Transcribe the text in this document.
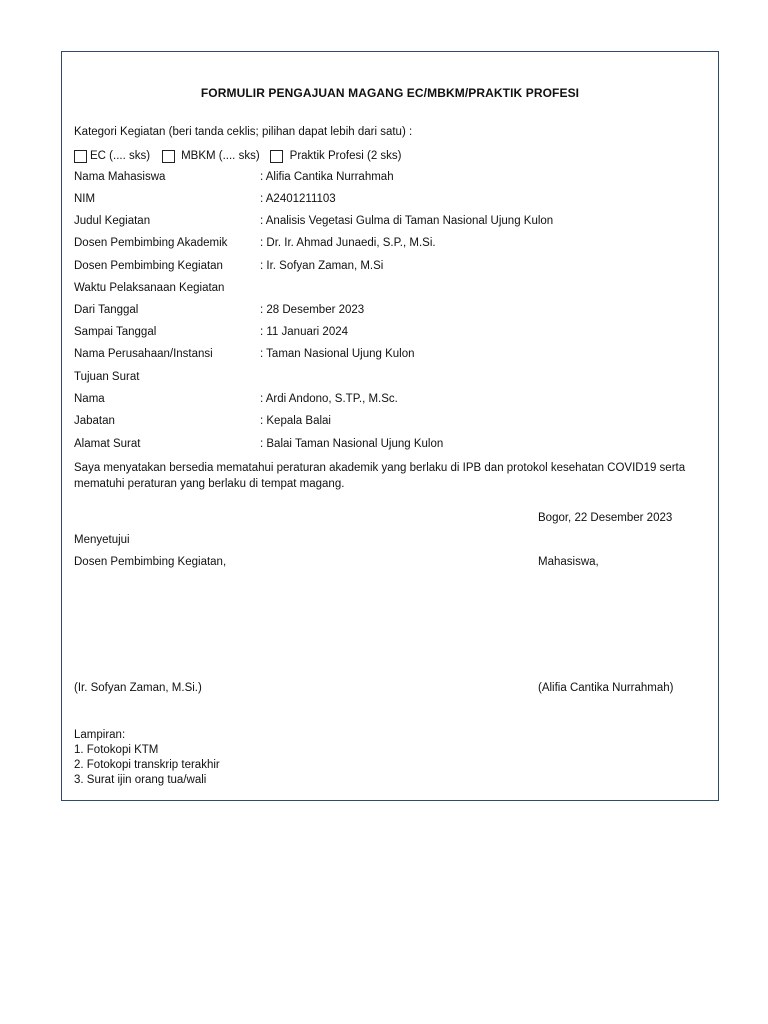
FORMULIR PENGAJUAN MAGANG EC/MBKM/PRAKTIK PROFESI
Kategori Kegiatan (beri tanda ceklis; pilihan dapat lebih dari satu) :
EC (.... sks)	MBKM (.... sks)	Praktik Profesi (2 sks)
Nama Mahasiswa	: Alifia Cantika Nurrahmah
NIM	: A2401211103
Judul Kegiatan	: Analisis Vegetasi Gulma di Taman Nasional Ujung Kulon
Dosen Pembimbing Akademik	: Dr. Ir. Ahmad Junaedi, S.P., M.Si.
Dosen Pembimbing Kegiatan	: Ir. Sofyan Zaman, M.Si
Waktu Pelaksanaan Kegiatan
Dari Tanggal	: 28 Desember 2023
Sampai Tanggal	: 11 Januari 2024
Nama Perusahaan/Instansi	: Taman Nasional Ujung Kulon
Tujuan Surat
Nama	: Ardi Andono, S.TP., M.Sc.
Jabatan	: Kepala Balai
Alamat Surat	: Balai Taman Nasional Ujung Kulon
Saya menyatakan bersedia mematahui peraturan akademik yang berlaku di IPB dan protokol kesehatan COVID19 serta mematuhi peraturan yang berlaku di tempat magang.
Bogor, 22 Desember 2023
Menyetujui
Dosen Pembimbing Kegiatan,	Mahasiswa,
(Ir. Sofyan Zaman, M.Si.)	(Alifia Cantika Nurrahmah)
Lampiran:
1. Fotokopi KTM
2. Fotokopi transkrip terakhir
3. Surat ijin orang tua/wali
